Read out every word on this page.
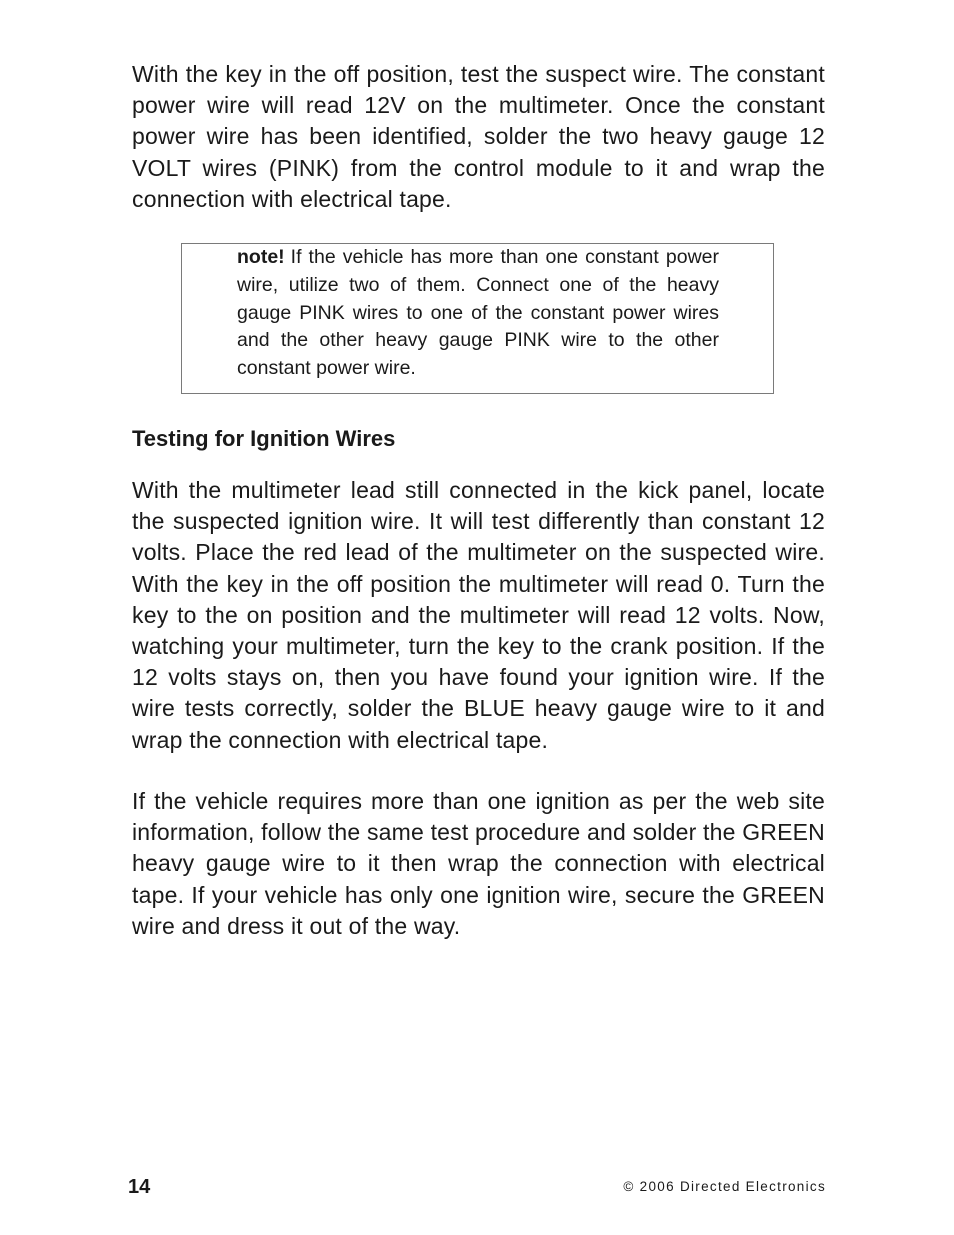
With the key in the off position, test the suspect wire. The constant power wire will read 12V on the multimeter. Once the constant power wire has been identified, solder the two heavy gauge 12 VOLT wires (PINK) from the control module to it and wrap the connection with electrical tape.

note! If the vehicle has more than one constant power wire, utilize two of them. Connect one of the heavy gauge PINK wires to one of the constant power wires and the other heavy gauge PINK wire to the other constant power wire.

Testing for Ignition Wires

With the multimeter lead still connected in the kick panel, locate the suspected ignition wire. It will test differently than constant 12 volts. Place the red lead of the multimeter on the suspected wire. With the key in the off position the multimeter will read 0. Turn the key to the on position and the multimeter will read 12 volts. Now, watching your multimeter, turn the key to the crank position. If the 12 volts stays on, then you have found your ignition wire. If the wire tests correctly, solder the BLUE heavy gauge wire to it and wrap the connection with electrical tape.

If the vehicle requires more than one ignition as per the web site information, follow the same test procedure and solder the GREEN heavy gauge wire to it then wrap the connection with electrical tape. If your vehicle has only one ignition wire, secure the GREEN wire and dress it out of the way.

14	© 2006 Directed Electronics
